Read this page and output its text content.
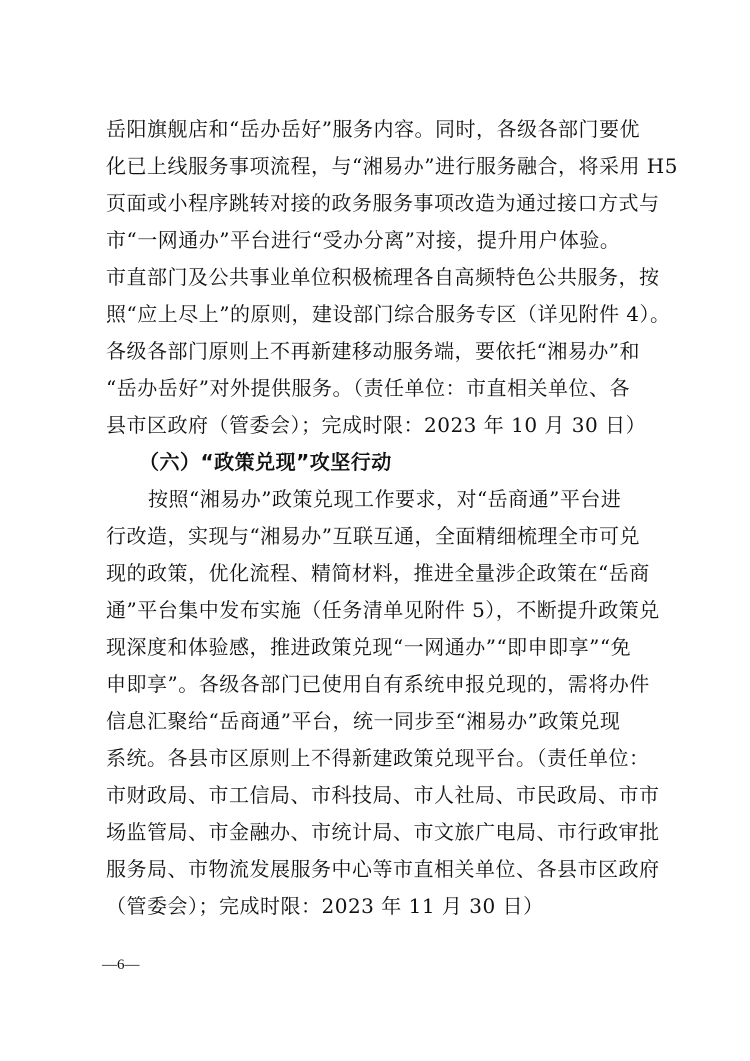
岳阳旗舰店和“岳办岳好”服务内容。同时，各级各部门要优
化已上线服务事项流程，与“湘易办”进行服务融合，将采用 H5
页面或小程序跳转对接的政务服务事项改造为通过接口方式与
市“一网通办”平台进行“受办分离”对接，提升用户体验。
市直部门及公共事业单位积极梳理各自高频特色公共服务，按
照“应上尽上”的原则，建设部门综合服务专区（详见附件 4）。
各级各部门原则上不再新建移动服务端，要依托“湘易办”和
“岳办岳好”对外提供服务。（责任单位：市直相关单位、各
县市区政府（管委会）；完成时限：2023 年 10 月 30 日）
（六）“政策兑现”攻坚行动
按照“湘易办”政策兑现工作要求，对“岳商通”平台进
行改造，实现与“湘易办”互联互通，全面精细梳理全市可兑
现的政策，优化流程、精简材料，推进全量涉企政策在“岳商
通”平台集中发布实施（任务清单见附件 5），不断提升政策兑
现深度和体验感，推进政策兑现“一网通办”“即申即享”“免
申即享”。各级各部门已使用自有系统申报兑现的，需将办件
信息汇聚给“岳商通”平台，统一同步至“湘易办”政策兑现
系统。各县市区原则上不得新建政策兑现平台。（责任单位：
市财政局、市工信局、市科技局、市人社局、市民政局、市市
场监管局、市金融办、市统计局、市文旅广电局、市行政审批
服务局、市物流发展服务中心等市直相关单位、各县市区政府
（管委会）；完成时限：2023 年 11 月 30 日）
—6—
